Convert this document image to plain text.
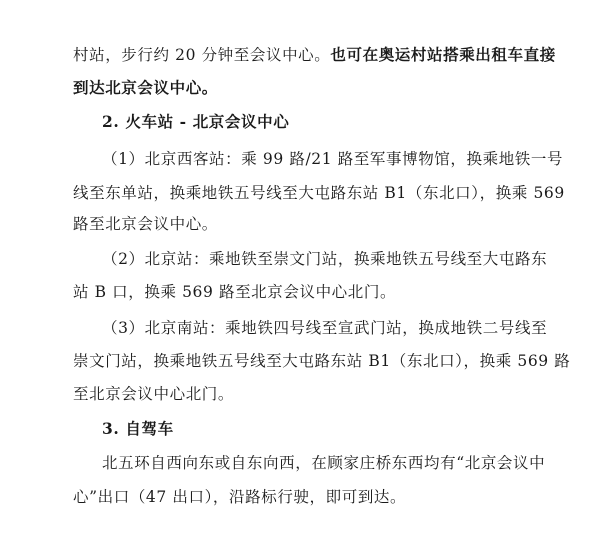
村站，步行约 20 分钟至会议中心。也可在奥运村站搭乘出租车直接
到达北京会议中心。
2. 火车站 - 北京会议中心
（1）北京西客站：乘 99 路/21 路至军事博物馆，换乘地铁一号
线至东单站，换乘地铁五号线至大屯路东站 B1（东北口），换乘 569
路至北京会议中心。
（2）北京站：乘地铁至崇文门站，换乘地铁五号线至大屯路东
站 B 口，换乘 569 路至北京会议中心北门。
（3）北京南站：乘地铁四号线至宣武门站，换成地铁二号线至
崇文门站，换乘地铁五号线至大屯路东站 B1（东北口），换乘 569 路
至北京会议中心北门。
3. 自驾车
北五环自西向东或自东向西，在顾家庄桥东西均有“北京会议中
心”出口（47 出口），沿路标行驶，即可到达。
